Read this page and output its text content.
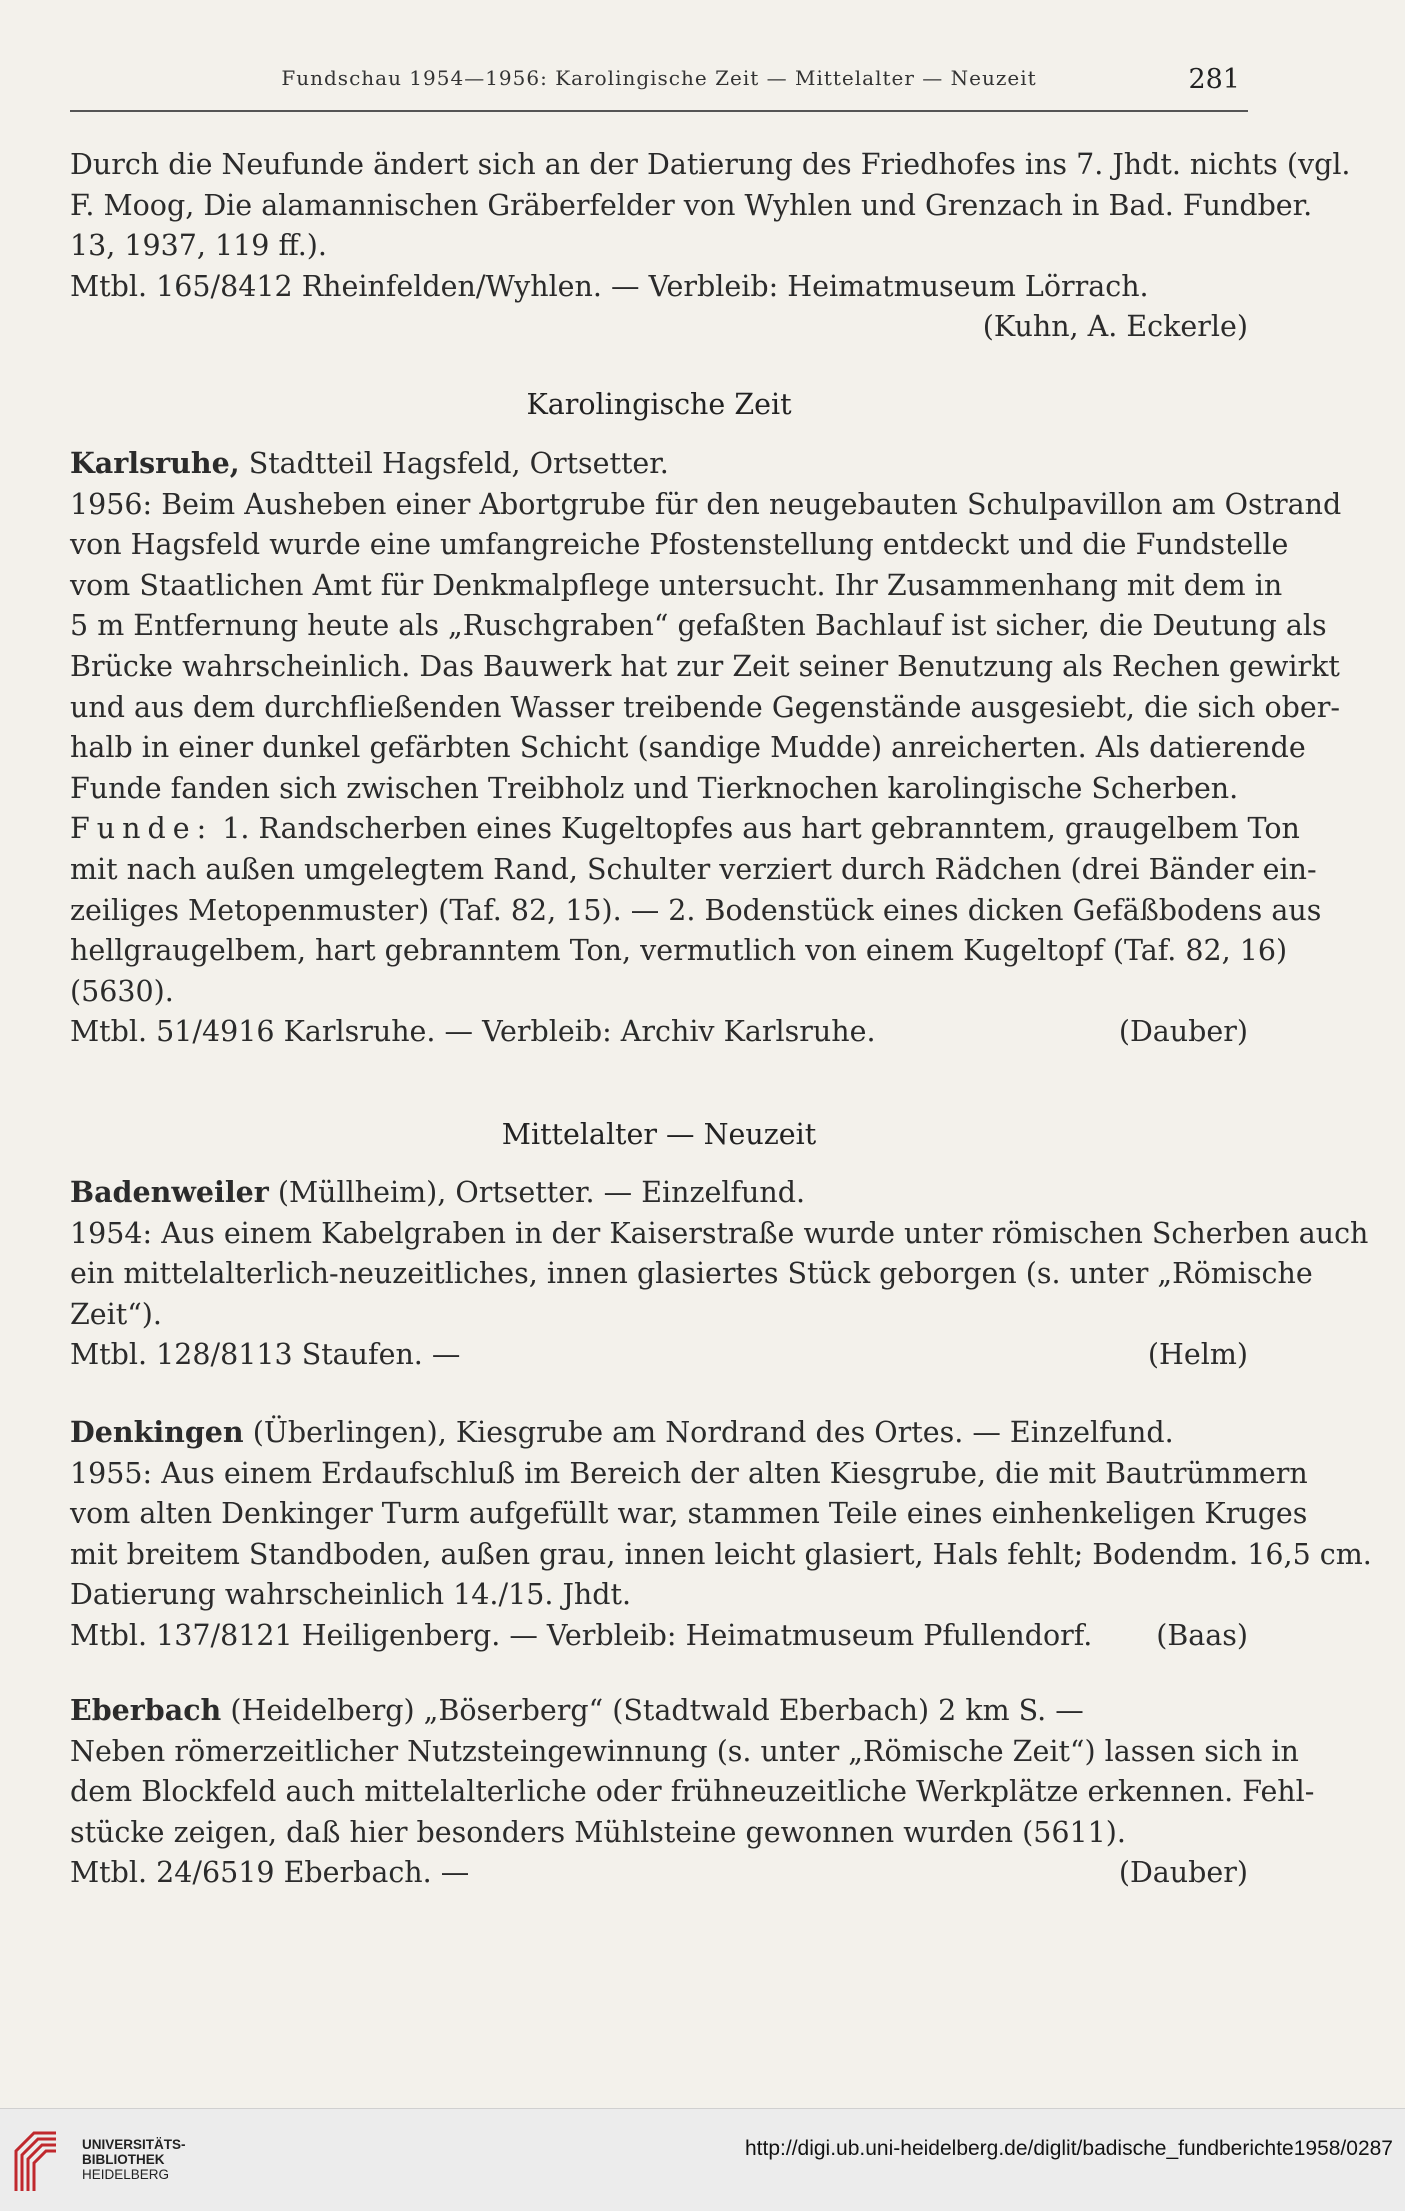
Fundschau 1954—1956: Karolingische Zeit — Mittelalter — Neuzeit	281
Durch die Neufunde ändert sich an der Datierung des Friedhofes ins 7. Jhdt. nichts (vgl.
F. Moog, Die alamannischen Gräberfelder von Wyhlen und Grenzach in Bad. Fundber.
13, 1937, 119 ff.).
Mtbl. 165/8412 Rheinfelden/Wyhlen. — Verbleib: Heimatmuseum Lörrach.
(Kuhn, A. Eckerle)
Karolingische Zeit
Karlsruhe, Stadtteil Hagsfeld, Ortsetter.
1956: Beim Ausheben einer Abortgrube für den neugebauten Schulpavillon am Ostrand
von Hagsfeld wurde eine umfangreiche Pfostenstellung entdeckt und die Fundstelle
vom Staatlichen Amt für Denkmalpflege untersucht. Ihr Zusammenhang mit dem in
5 m Entfernung heute als „Ruschgraben“ gefaßten Bachlauf ist sicher, die Deutung als
Brücke wahrscheinlich. Das Bauwerk hat zur Zeit seiner Benutzung als Rechen gewirkt
und aus dem durchfließenden Wasser treibende Gegenstände ausgesiebt, die sich ober-
halb in einer dunkel gefärbten Schicht (sandige Mudde) anreicherten. Als datierende
Funde fanden sich zwischen Treibholz und Tierknochen karolingische Scherben.
Funde: 1. Randscherben eines Kugeltopfes aus hart gebranntem, graugelbem Ton
mit nach außen umgelegtem Rand, Schulter verziert durch Rädchen (drei Bänder ein-
zeiliges Metopenmuster) (Taf. 82, 15). — 2. Bodenstück eines dicken Gefäßbodens aus
hellgraugelbem, hart gebranntem Ton, vermutlich von einem Kugeltopf (Taf. 82, 16)
(5630).
Mtbl. 51/4916 Karlsruhe. — Verbleib: Archiv Karlsruhe.	(Dauber)
Mittelalter — Neuzeit
Badenweiler (Müllheim), Ortsetter. — Einzelfund.
1954: Aus einem Kabelgraben in der Kaiserstraße wurde unter römischen Scherben auch
ein mittelalterlich-neuzeitliches, innen glasiertes Stück geborgen (s. unter „Römische
Zeit“).
Mtbl. 128/8113 Staufen. —	(Helm)
Denkingen (Überlingen), Kiesgrube am Nordrand des Ortes. — Einzelfund.
1955: Aus einem Erdaufschluß im Bereich der alten Kiesgrube, die mit Bautrümmern
vom alten Denkinger Turm aufgefüllt war, stammen Teile eines einhenkeligen Kruges
mit breitem Standboden, außen grau, innen leicht glasiert, Hals fehlt; Bodendm. 16,5 cm.
Datierung wahrscheinlich 14./15. Jhdt.
Mtbl. 137/8121 Heiligenberg. — Verbleib: Heimatmuseum Pfullendorf. (Baas)
Eberbach (Heidelberg) „Böserberg“ (Stadtwald Eberbach) 2 km S. —
Neben römerzeitlicher Nutzsteingewinnung (s. unter „Römische Zeit“) lassen sich in
dem Blockfeld auch mittelalterliche oder frühneuzeitliche Werkplätze erkennen. Fehl-
stücke zeigen, daß hier besonders Mühlsteine gewonnen wurden (5611).
Mtbl. 24/6519 Eberbach. —	(Dauber)
UNIVERSITÄTS-
BIBLIOTHEK
HEIDELBERG
http://digi.ub.uni-heidelberg.de/diglit/badische_fundberichte1958/0287
